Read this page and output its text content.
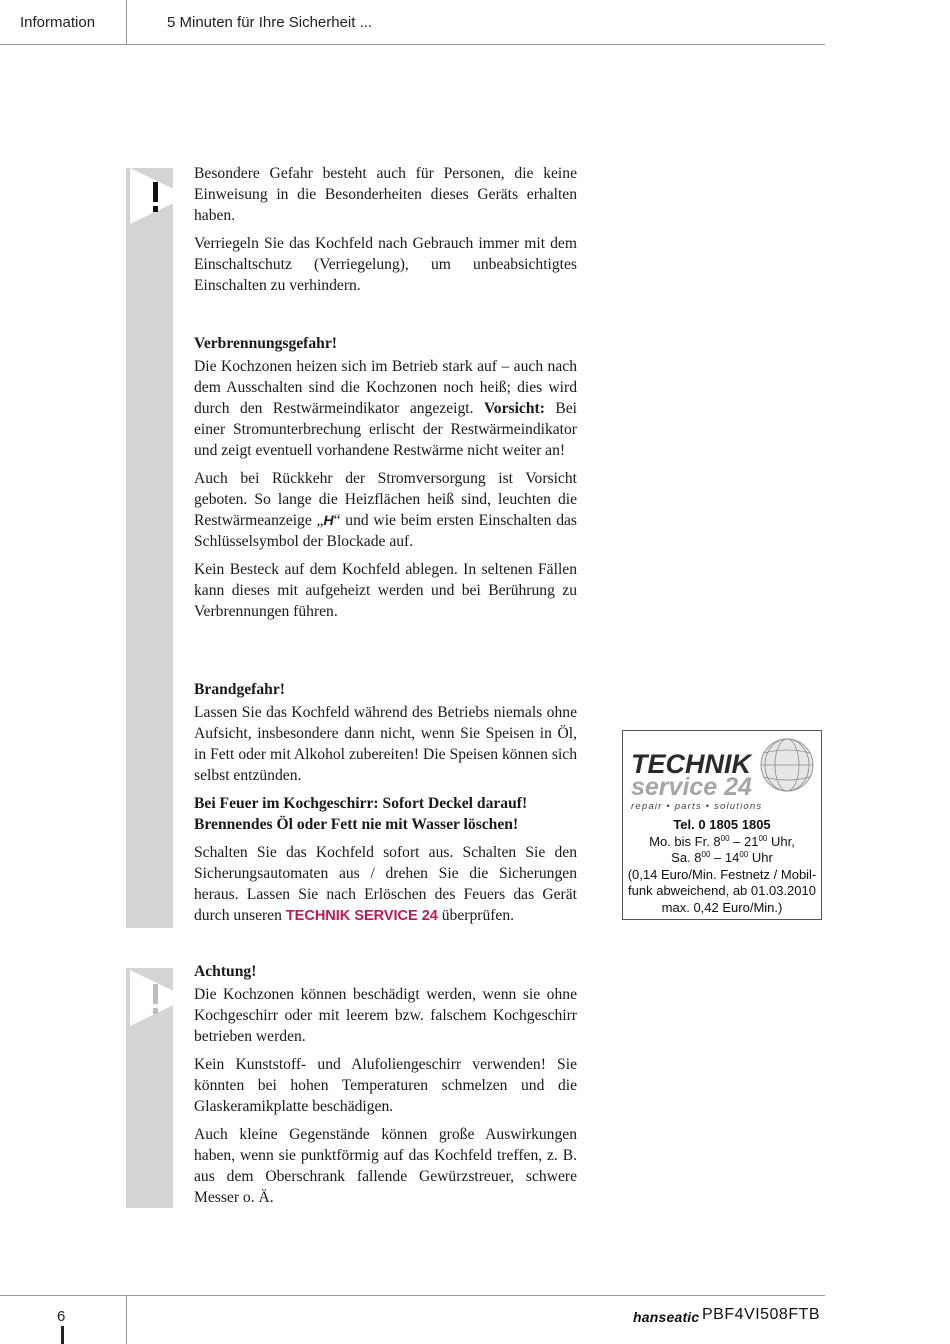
Information	5 Minuten für Ihre Sicherheit ...

Besondere Gefahr besteht auch für Personen, die keine Einweisung in die Besonderheiten dieses Geräts erhalten haben.

Verriegeln Sie das Kochfeld nach Gebrauch immer mit dem Einschaltschutz (Verriegelung), um unbeabsichtigtes Einschalten zu verhindern.

Verbrennungsgefahr!

Die Kochzonen heizen sich im Betrieb stark auf – auch nach dem Ausschalten sind die Kochzonen noch heiß; dies wird durch den Restwärmeindikator angezeigt. Vorsicht: Bei einer Stromunterbrechung erlischt der Restwärmeindikator und zeigt eventuell vorhandene Restwärme nicht weiter an!

Auch bei Rückkehr der Stromversorgung ist Vorsicht geboten. So lange die Heizflächen heiß sind, leuchten die Restwärmeanzeige „H“ und wie beim ersten Einschalten das Schlüsselsymbol der Blockade auf.

Kein Besteck auf dem Kochfeld ablegen. In seltenen Fällen kann dieses mit aufgeheizt werden und bei Berührung zu Verbrennungen führen.

Brandgefahr!

Lassen Sie das Kochfeld während des Betriebs niemals ohne Aufsicht, insbesondere dann nicht, wenn Sie Speisen in Öl, in Fett oder mit Alkohol zubereiten! Die Speisen können sich selbst entzünden.

Bei Feuer im Kochgeschirr: Sofort Deckel darauf! Brennendes Öl oder Fett nie mit Wasser löschen!

Schalten Sie das Kochfeld sofort aus. Schalten Sie den Sicherungsautomaten aus / drehen Sie die Sicherungen heraus. Lassen Sie nach Erlöschen des Feuers das Gerät durch unseren TECHNIK SERVICE 24 überprüfen.

Achtung!

Die Kochzonen können beschädigt werden, wenn sie ohne Kochgeschirr oder mit leerem bzw. falschem Kochgeschirr betrieben werden.

Kein Kunststoff- und Alufoliengeschirr verwenden! Sie könnten bei hohen Temperaturen schmelzen und die Glaskeramikplatte beschädigen.

Auch kleine Gegenstände können große Auswirkungen haben, wenn sie punktförmig auf das Kochfeld treffen, z. B. aus dem Oberschrank fallende Gewürzstreuer, schwere Messer o. Ä.

TECHNIK
service 24
repair • parts • solutions
Tel. 0 1805 1805
Mo. bis Fr. $8^{00} - 21^{00}$ Uhr,
Sa. $8^{00} - 14^{00}$ Uhr
(0,14 Euro/Min. Festnetz / Mobil-
funk abweichend, ab 01.03.2010
max. 0,42 Euro/Min.)
6	hanseatic PBF4VI508FTB
